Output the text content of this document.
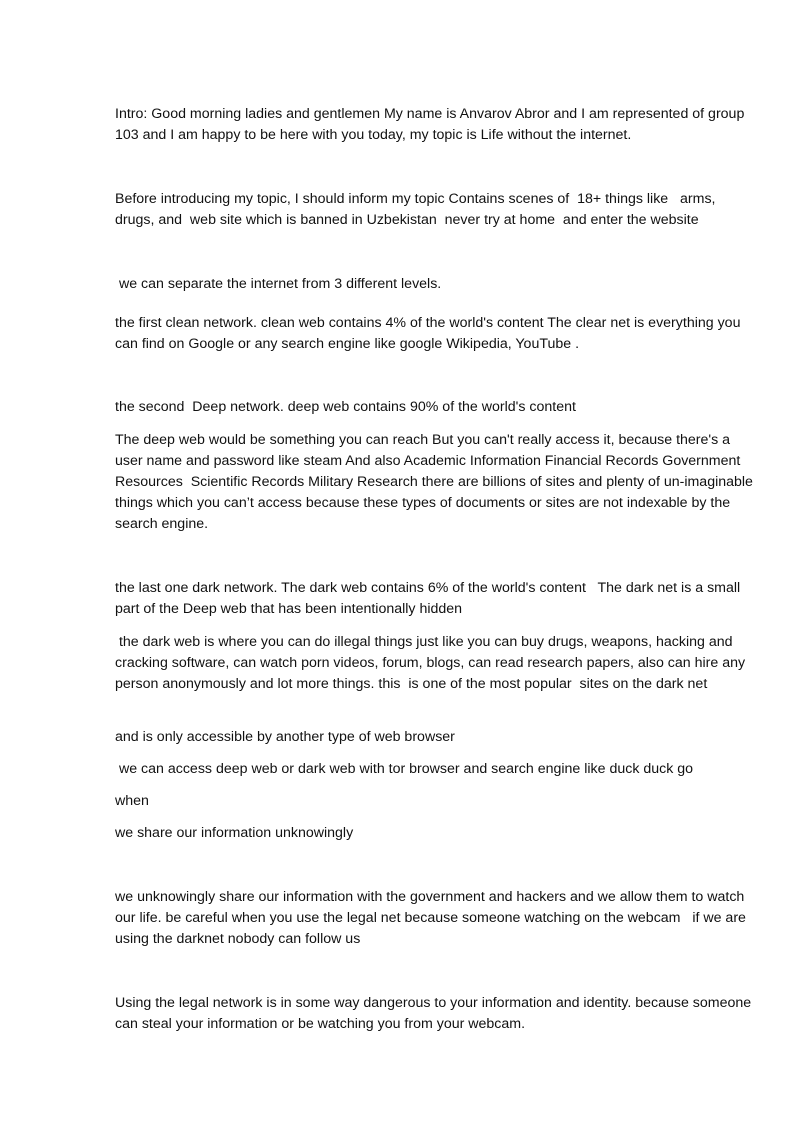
Intro: Good morning ladies and gentlemen My name is Anvarov Abror and I am represented of group 103 and I am happy to be here with you today, my topic is Life without the internet.

Before introducing my topic, I should inform my topic Contains scenes of  18+ things like   arms, drugs, and  web site which is banned in Uzbekistan  never try at home  and enter the website

we can separate the internet from 3 different levels.

the first clean network. clean web contains 4% of the world's content The clear net is everything you can find on Google or any search engine like google Wikipedia, YouTube .

the second  Deep network. deep web contains 90% of the world's content

The deep web would be something you can reach But you can't really access it, because there's a user name and password like steam And also Academic Information Financial Records Government Resources  Scientific Records Military Research there are billions of sites and plenty of un-imaginable things which you can’t access because these types of documents or sites are not indexable by the search engine.

the last one dark network. The dark web contains 6% of the world's content   The dark net is a small part of the Deep web that has been intentionally hidden

the dark web is where you can do illegal things just like you can buy drugs, weapons, hacking and cracking software, can watch porn videos, forum, blogs, can read research papers, also can hire any person anonymously and lot more things. this  is one of the most popular  sites on the dark net

and is only accessible by another type of web browser

we can access deep web or dark web with tor browser and search engine like duck duck go

when

we share our information unknowingly

we unknowingly share our information with the government and hackers and we allow them to watch our life. be careful when you use the legal net because someone watching on the webcam   if we are using the darknet nobody can follow us

Using the legal network is in some way dangerous to your information and identity. because someone can steal your information or be watching you from your webcam.
